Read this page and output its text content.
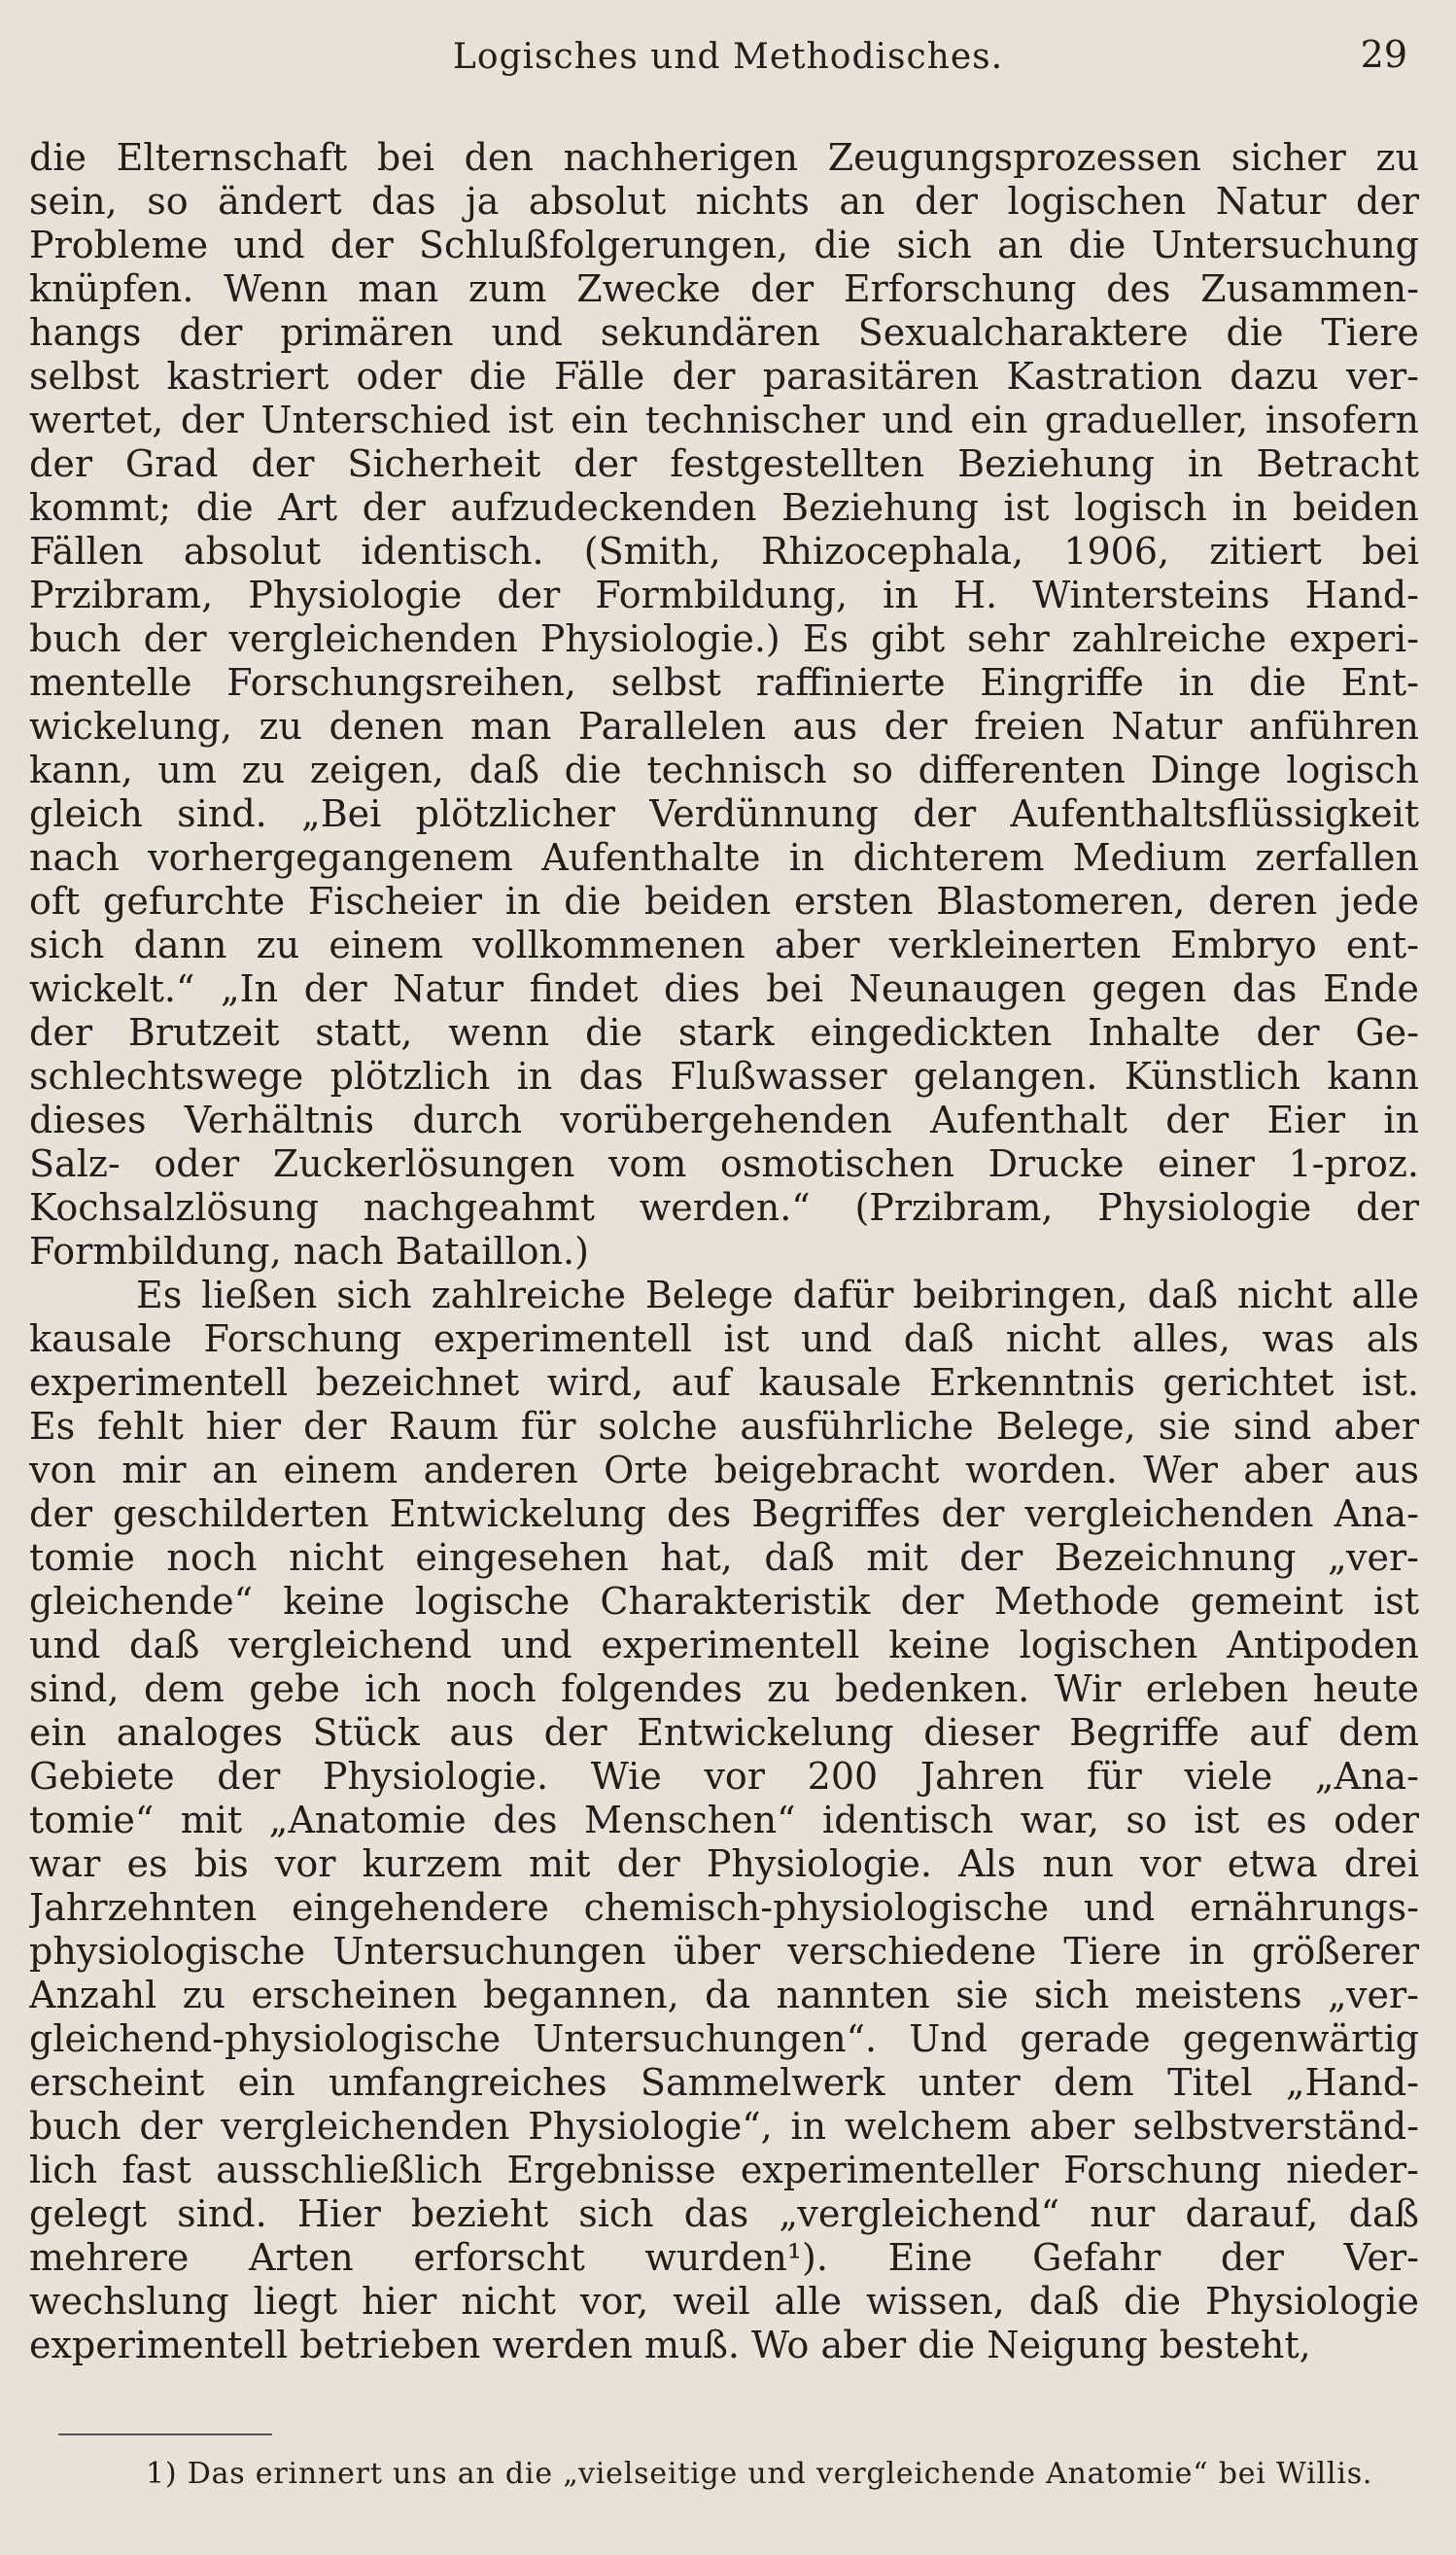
Logisches und Methodisches.	29
die Elternschaft bei den nachherigen Zeugungsprozessen sicher zu
sein, so ändert das ja absolut nichts an der logischen Natur der
Probleme und der Schlußfolgerungen, die sich an die Untersuchung
knüpfen. Wenn man zum Zwecke der Erforschung des Zusammen-
hangs der primären und sekundären Sexualcharaktere die Tiere
selbst kastriert oder die Fälle der parasitären Kastration dazu ver-
wertet, der Unterschied ist ein technischer und ein gradueller, insofern
der Grad der Sicherheit der festgestellten Beziehung in Betracht
kommt; die Art der aufzudeckenden Beziehung ist logisch in beiden
Fällen absolut identisch. (Smith, Rhizocephala, 1906, zitiert bei
Przibram, Physiologie der Formbildung, in H. Wintersteins Hand-
buch der vergleichenden Physiologie.) Es gibt sehr zahlreiche experi-
mentelle Forschungsreihen, selbst raffinierte Eingriffe in die Ent-
wickelung, zu denen man Parallelen aus der freien Natur anführen
kann, um zu zeigen, daß die technisch so differenten Dinge logisch
gleich sind. „Bei plötzlicher Verdünnung der Aufenthaltsflüssigkeit
nach vorhergegangenem Aufenthalte in dichterem Medium zerfallen
oft gefurchte Fischeier in die beiden ersten Blastomeren, deren jede
sich dann zu einem vollkommenen aber verkleinerten Embryo ent-
wickelt.“ „In der Natur findet dies bei Neunaugen gegen das Ende
der Brutzeit statt, wenn die stark eingedickten Inhalte der Ge-
schlechtswege plötzlich in das Flußwasser gelangen. Künstlich kann
dieses Verhältnis durch vorübergehenden Aufenthalt der Eier in
Salz- oder Zuckerlösungen vom osmotischen Drucke einer 1-proz.
Kochsalzlösung nachgeahmt werden.“ (Przibram, Physiologie der
Formbildung, nach Bataillon.)
Es ließen sich zahlreiche Belege dafür beibringen, daß nicht alle
kausale Forschung experimentell ist und daß nicht alles, was als
experimentell bezeichnet wird, auf kausale Erkenntnis gerichtet ist.
Es fehlt hier der Raum für solche ausführliche Belege, sie sind aber
von mir an einem anderen Orte beigebracht worden. Wer aber aus
der geschilderten Entwickelung des Begriffes der vergleichenden Ana-
tomie noch nicht eingesehen hat, daß mit der Bezeichnung „ver-
gleichende“ keine logische Charakteristik der Methode gemeint ist
und daß vergleichend und experimentell keine logischen Antipoden
sind, dem gebe ich noch folgendes zu bedenken. Wir erleben heute
ein analoges Stück aus der Entwickelung dieser Begriffe auf dem
Gebiete der Physiologie. Wie vor 200 Jahren für viele „Ana-
tomie“ mit „Anatomie des Menschen“ identisch war, so ist es oder
war es bis vor kurzem mit der Physiologie. Als nun vor etwa drei
Jahrzehnten eingehendere chemisch-physiologische und ernährungs-
physiologische Untersuchungen über verschiedene Tiere in größerer
Anzahl zu erscheinen begannen, da nannten sie sich meistens „ver-
gleichend-physiologische Untersuchungen“. Und gerade gegenwärtig
erscheint ein umfangreiches Sammelwerk unter dem Titel „Hand-
buch der vergleichenden Physiologie“, in welchem aber selbstverständ-
lich fast ausschließlich Ergebnisse experimenteller Forschung nieder-
gelegt sind. Hier bezieht sich das „vergleichend“ nur darauf, daß
mehrere Arten erforscht wurden¹). Eine Gefahr der Ver-
wechslung liegt hier nicht vor, weil alle wissen, daß die Physiologie
experimentell betrieben werden muß. Wo aber die Neigung besteht,
1) Das erinnert uns an die „vielseitige und vergleichende Anatomie“ bei Willis.
